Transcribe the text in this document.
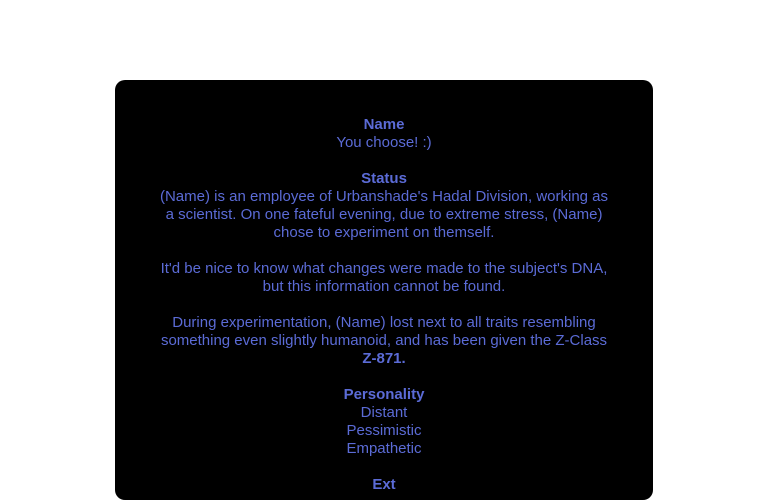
Name

You choose! :)

Status

(Name) is an employee of Urbanshade's Hadal Division, working as a scientist. On one fateful evening, due to extreme stress, (Name) chose to experiment on themself.

It'd be nice to know what changes were made to the subject's DNA, but this information cannot be found.

During experimentation, (Name) lost next to all traits resembling something even slightly humanoid, and has been given the Z-Class Z-871.

Personality

Distant

Pessimistic

Empathetic

Ext
